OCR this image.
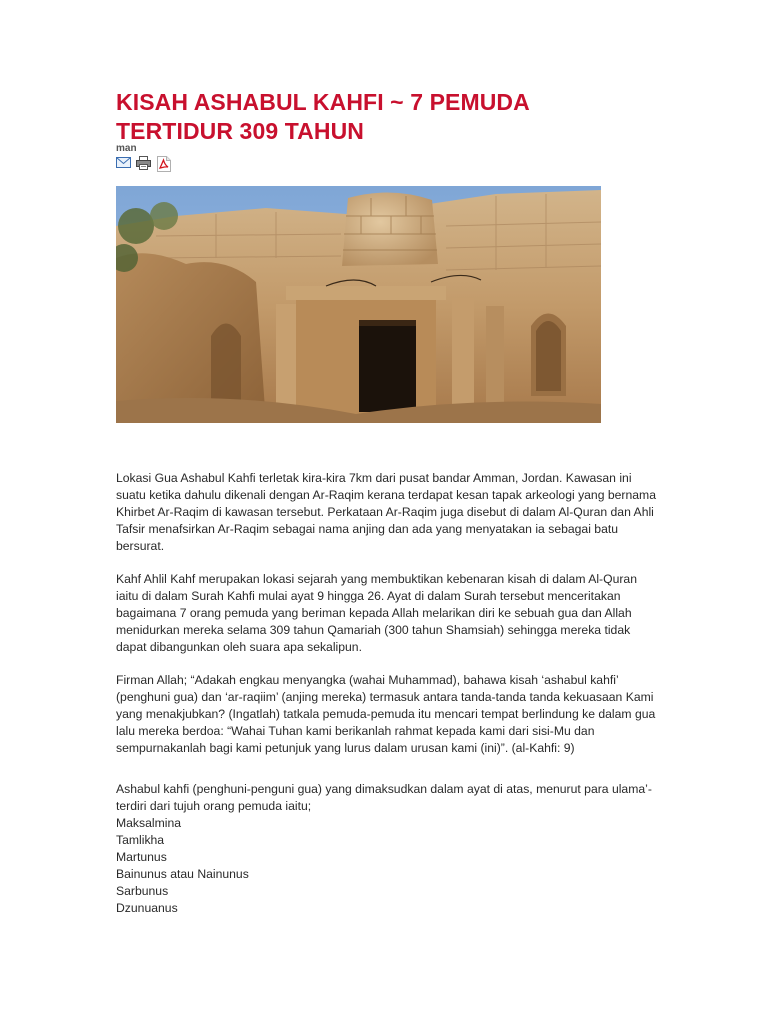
KISAH ASHABUL KAHFI ~ 7 PEMUDA TERTIDUR 309 TAHUN
man

Lokasi Gua Ashabul Kahfi terletak kira-kira 7km dari pusat bandar Amman, Jordan. Kawasan ini suatu ketika dahulu dikenali dengan Ar-Raqim kerana terdapat kesan tapak arkeologi yang bernama Khirbet Ar-Raqim di kawasan tersebut. Perkataan Ar-Raqim juga disebut di dalam Al-Quran dan Ahli Tafsir menafsirkan Ar-Raqim sebagai nama anjing dan ada yang menyatakan ia sebagai batu bersurat.

Kahf Ahlil Kahf merupakan lokasi sejarah yang membuktikan kebenaran kisah di dalam Al-Quran iaitu di dalam Surah Kahfi mulai ayat 9 hingga 26. Ayat di dalam Surah tersebut menceritakan bagaimana 7 orang pemuda yang beriman kepada Allah melarikan diri ke sebuah gua dan Allah menidurkan mereka selama 309 tahun Qamariah (300 tahun Shamsiah) sehingga mereka tidak dapat dibangunkan oleh suara apa sekalipun.

Firman Allah; “Adakah engkau menyangka (wahai Muhammad), bahawa kisah ‘ashabul kahfi’ (penghuni gua) dan ‘ar-raqiim’ (anjing mereka) termasuk antara tanda-tanda tanda kekuasaan Kami yang menakjubkan? (Ingatlah) tatkala pemuda-pemuda itu mencari tempat berlindung ke dalam gua lalu mereka berdoa: “Wahai Tuhan kami berikanlah rahmat kepada kami dari sisi-Mu dan sempurnakanlah bagi kami petunjuk yang lurus dalam urusan kami (ini)”. (al-Kahfi: 9)

Ashabul kahfi (penghuni-penguni gua) yang dimaksudkan dalam ayat di atas, menurut para ulama’- terdiri dari tujuh orang pemuda iaitu;

Maksalmina
Tamlikha
Martunus
Bainunus atau Nainunus
Sarbunus
Dzunuanus
